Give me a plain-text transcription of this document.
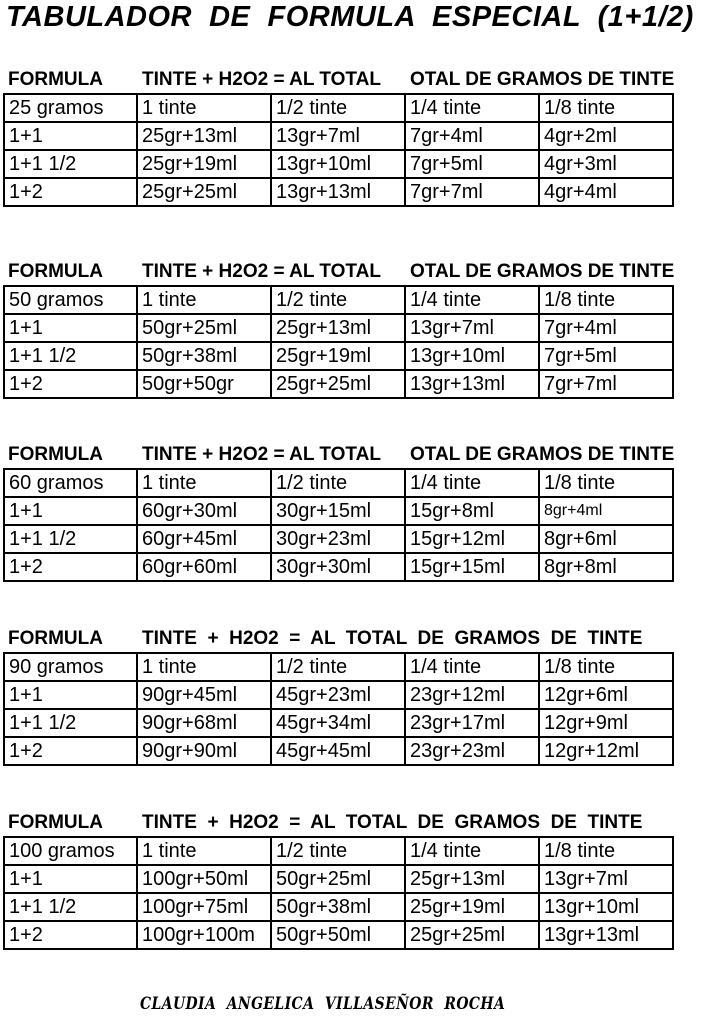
TABULADOR  DE  FORMULA  ESPECIAL  (1+1/2)
FORMULA TINTE + H2O2 = AL TOTAL	OTAL DE GRAMOS DE TINTE
25 gramos	1 tinte	1/2 tinte	1/4 tinte	1/8 tinte
1+1	25gr+13ml	13gr+7ml	7gr+4ml	4gr+2ml
1+1 1/2	25gr+19ml	13gr+10ml	7gr+5ml	4gr+3ml
1+2	25gr+25ml	13gr+13ml	7gr+7ml	4gr+4ml
FORMULA TINTE + H2O2 = AL TOTAL	OTAL DE GRAMOS DE TINTE
50 gramos	1 tinte	1/2 tinte	1/4 tinte	1/8 tinte
1+1	50gr+25ml	25gr+13ml	13gr+7ml	7gr+4ml
1+1 1/2	50gr+38ml	25gr+19ml	13gr+10ml	7gr+5ml
1+2	50gr+50gr	25gr+25ml	13gr+13ml	7gr+7ml
FORMULA TINTE + H2O2 = AL TOTAL	OTAL DE GRAMOS DE TINTE
60 gramos	1 tinte	1/2 tinte	1/4 tinte	1/8 tinte
1+1	60gr+30ml	30gr+15ml	15gr+8ml	8gr+4ml
1+1 1/2	60gr+45ml	30gr+23ml	15gr+12ml	8gr+6ml
1+2	60gr+60ml	30gr+30ml	15gr+15ml	8gr+8ml
FORMULA TINTE  +  H2O2  =  AL  TOTAL  DE  GRAMOS  DE  TINTE
90 gramos	1 tinte	1/2 tinte	1/4 tinte	1/8 tinte
1+1	90gr+45ml	45gr+23ml	23gr+12ml	12gr+6ml
1+1 1/2	90gr+68ml	45gr+34ml	23gr+17ml	12gr+9ml
1+2	90gr+90ml	45gr+45ml	23gr+23ml	12gr+12ml
FORMULA TINTE  +  H2O2  =  AL  TOTAL  DE  GRAMOS  DE  TINTE
100 gramos	1 tinte	1/2 tinte	1/4 tinte	1/8 tinte
1+1	100gr+50ml	50gr+25ml	25gr+13ml	13gr+7ml
1+1 1/2	100gr+75ml	50gr+38ml	25gr+19ml	13gr+10ml
1+2	100gr+100m	50gr+50ml	25gr+25ml	13gr+13ml
CLAUDIA  ANGELICA  VILLASEÑOR  ROCHA
